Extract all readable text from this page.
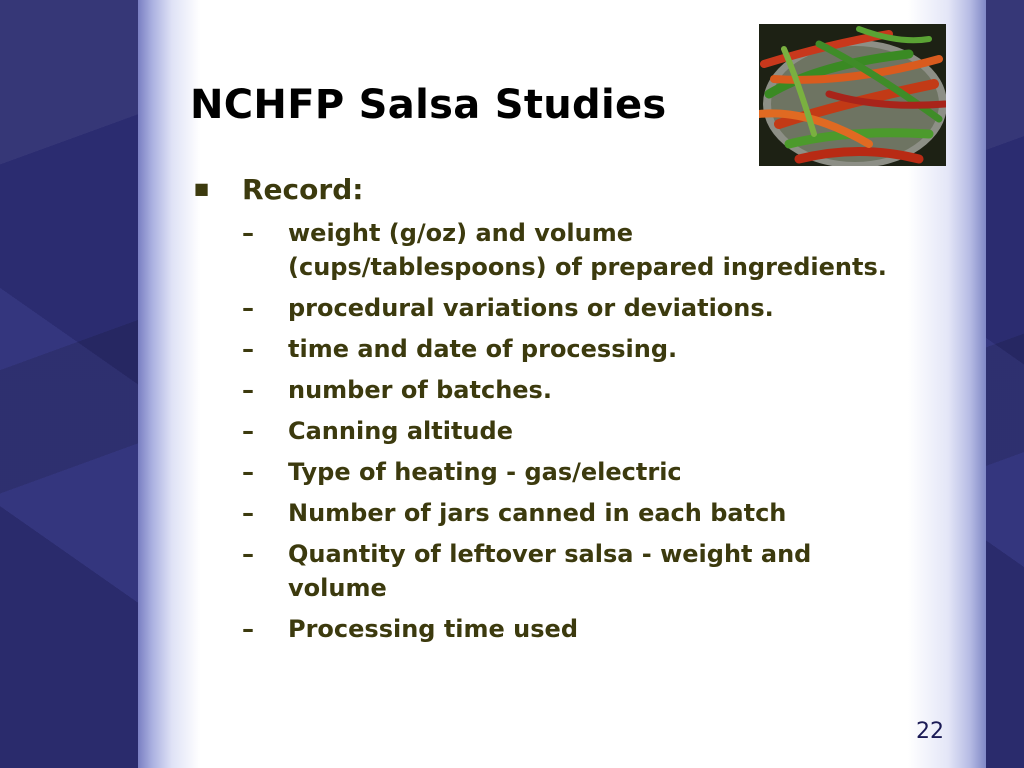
NCHFP Salsa Studies
■ Record:
– weight (g/oz) and volume (cups/tablespoons) of prepared ingredients.
– procedural variations or deviations.
– time and date of processing.
– number of batches.
– Canning altitude
– Type of heating - gas/electric
– Number of jars canned in each batch
– Quantity of leftover salsa - weight and volume
– Processing time used
22
